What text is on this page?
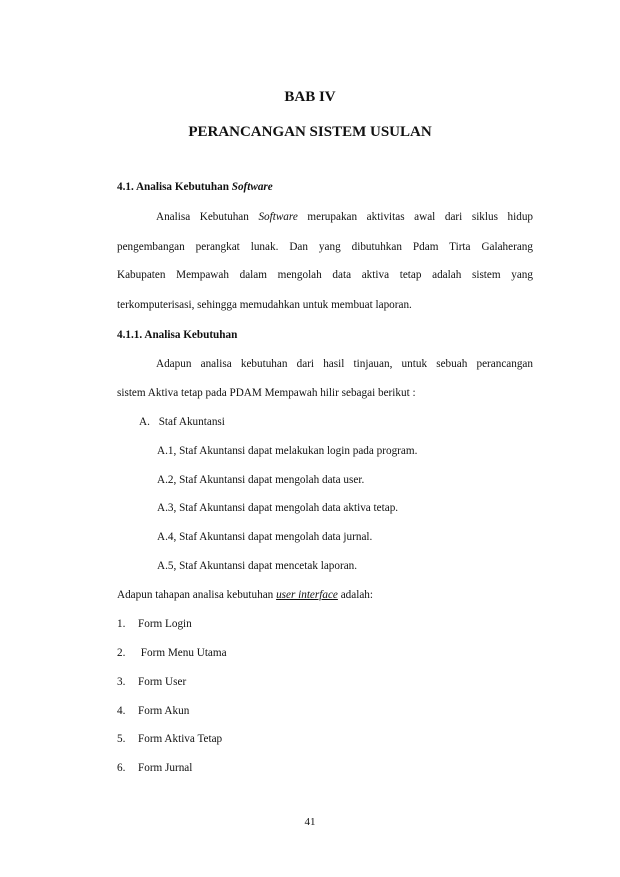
BAB IV
PERANCANGAN SISTEM USULAN
4.1. Analisa Kebutuhan Software
Analisa Kebutuhan Software merupakan aktivitas awal dari siklus hidup
pengembangan perangkat lunak. Dan yang dibutuhkan Pdam Tirta Galaherang
Kabupaten Mempawah dalam mengolah data aktiva tetap adalah sistem yang
terkomputerisasi, sehingga memudahkan untuk membuat laporan.
4.1.1. Analisa Kebutuhan
Adapun analisa kebutuhan dari hasil tinjauan, untuk sebuah perancangan
sistem Aktiva tetap pada PDAM Mempawah hilir sebagai berikut :
A. Staf Akuntansi
A.1, Staf Akuntansi dapat melakukan login pada program.
A.2, Staf Akuntansi dapat mengolah data user.
A.3, Staf Akuntansi dapat mengolah data aktiva tetap.
A.4, Staf Akuntansi dapat mengolah data jurnal.
A.5, Staf Akuntansi dapat mencetak laporan.
Adapun tahapan analisa kebutuhan user interface adalah:
1. Form Login
2. Form Menu Utama
3. Form User
4. Form Akun
5. Form Aktiva Tetap
6. Form Jurnal
41
